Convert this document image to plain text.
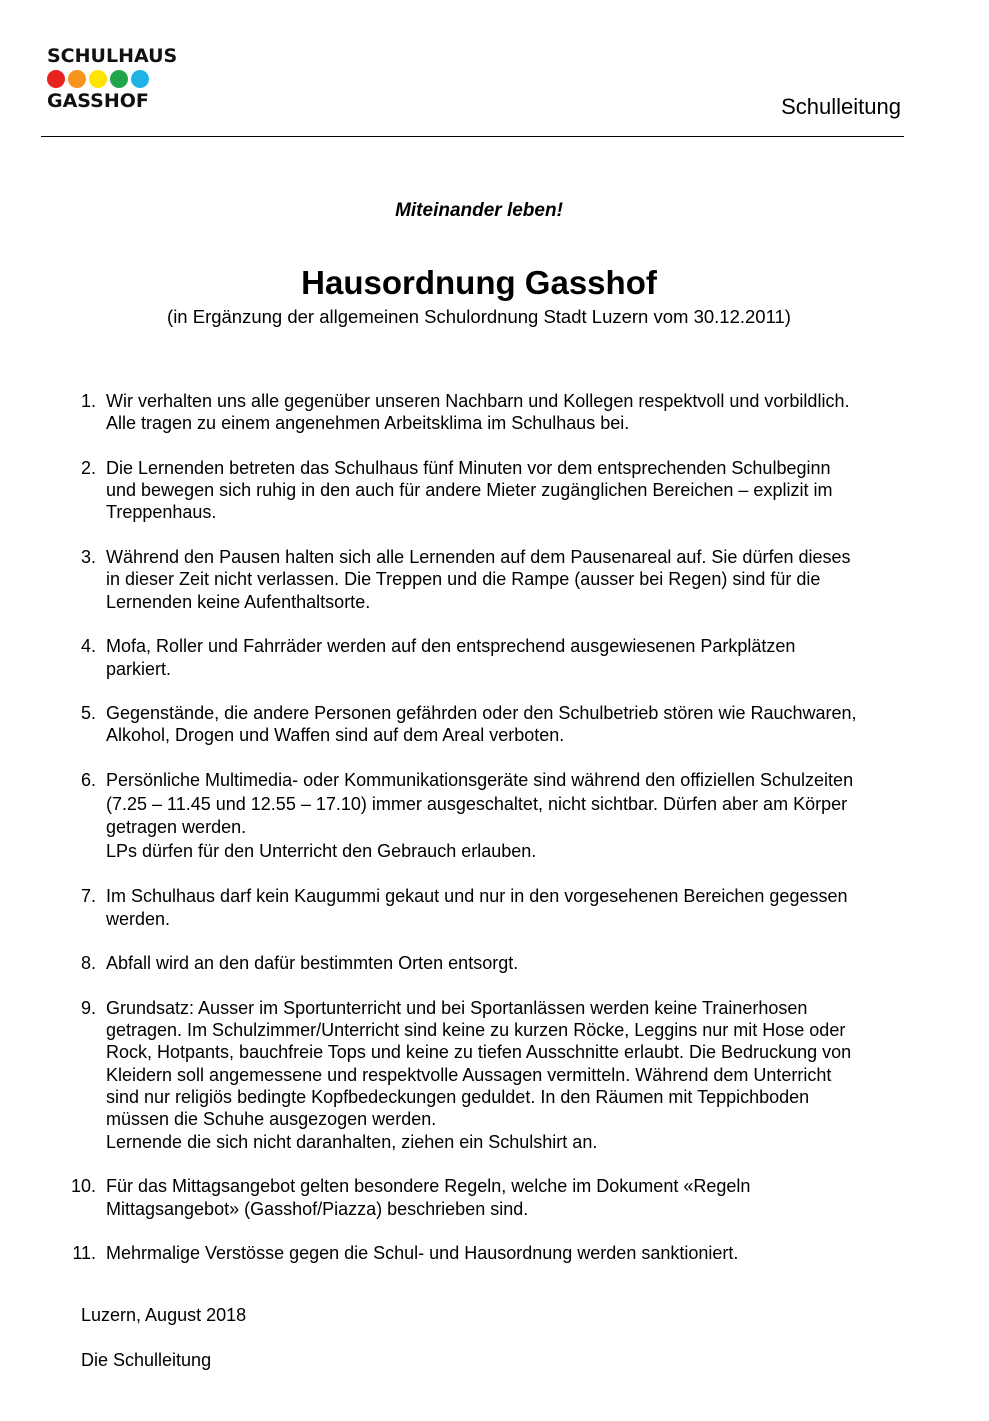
SCHULHAUS
GASSHOF	Schulleitung
Miteinander leben!
Hausordnung Gasshof
(in Ergänzung der allgemeinen Schulordnung Stadt Luzern vom 30.12.2011)
1. Wir verhalten uns alle gegenüber unseren Nachbarn und Kollegen respektvoll und vorbildlich.
Alle tragen zu einem angenehmen Arbeitsklima im Schulhaus bei.
2. Die Lernenden betreten das Schulhaus fünf Minuten vor dem entsprechenden Schulbeginn
und bewegen sich ruhig in den auch für andere Mieter zugänglichen Bereichen – explizit im
Treppenhaus.
3. Während den Pausen halten sich alle Lernenden auf dem Pausenareal auf. Sie dürfen dieses
in dieser Zeit nicht verlassen. Die Treppen und die Rampe (ausser bei Regen) sind für die
Lernenden keine Aufenthaltsorte.
4. Mofa, Roller und Fahrräder werden auf den entsprechend ausgewiesenen Parkplätzen
parkiert.
5. Gegenstände, die andere Personen gefährden oder den Schulbetrieb stören wie Rauchwaren,
Alkohol, Drogen und Waffen sind auf dem Areal verboten.
6. Persönliche Multimedia- oder Kommunikationsgeräte sind während den offiziellen Schulzeiten
(7.25 – 11.45 und 12.55 – 17.10) immer ausgeschaltet, nicht sichtbar. Dürfen aber am Körper
getragen werden.
LPs dürfen für den Unterricht den Gebrauch erlauben.
7. Im Schulhaus darf kein Kaugummi gekaut und nur in den vorgesehenen Bereichen gegessen
werden.
8. Abfall wird an den dafür bestimmten Orten entsorgt.
9. Grundsatz: Ausser im Sportunterricht und bei Sportanlässen werden keine Trainerhosen
getragen. Im Schulzimmer/Unterricht sind keine zu kurzen Röcke, Leggins nur mit Hose oder
Rock, Hotpants, bauchfreie Tops und keine zu tiefen Ausschnitte erlaubt. Die Bedruckung von
Kleidern soll angemessene und respektvolle Aussagen vermitteln. Während dem Unterricht
sind nur religiös bedingte Kopfbedeckungen geduldet. In den Räumen mit Teppichboden
müssen die Schuhe ausgezogen werden.
Lernende die sich nicht daranhalten, ziehen ein Schulshirt an.
10. Für das Mittagsangebot gelten besondere Regeln, welche im Dokument «Regeln
Mittagsangebot» (Gasshof/Piazza) beschrieben sind.
11. Mehrmalige Verstösse gegen die Schul- und Hausordnung werden sanktioniert.
Luzern, August 2018
Die Schulleitung
